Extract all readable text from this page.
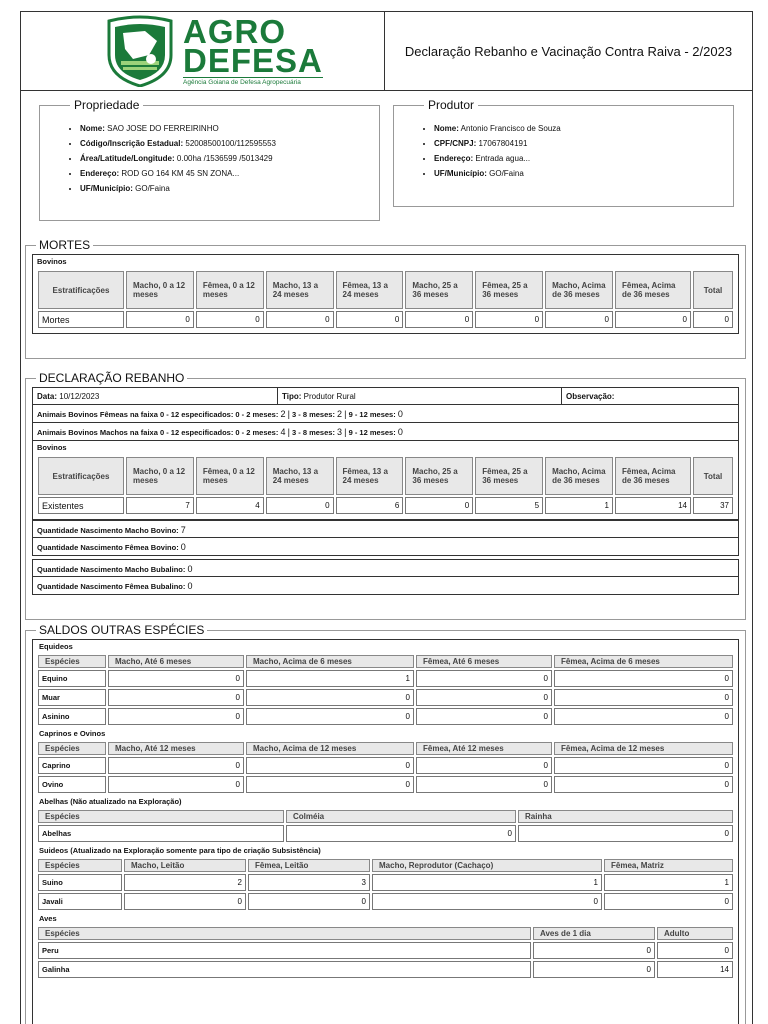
AGRO
DEFESA
Agência Goiana de Defesa Agropecuária
Declaração Rebanho e Vacinação Contra Raiva - 2/2023
Propriedade
• Nome: SAO JOSE DO FERREIRINHO
• Código/Inscrição Estadual: 52008500100/112595553
• Área/Latitude/Longitude: 0.00ha /1536599 /5013429
• Endereço: ROD GO 164 KM 45 SN ZONA...
• UF/Município: GO/Faina
Produtor
• Nome: Antonio Francisco de Souza
• CPF/CNPJ: 17067804191
• Endereço: Entrada agua...
• UF/Município: GO/Faina
MORTES
Bovinos
Estratificações	Macho, 0 a 12 meses	Fêmea, 0 a 12 meses	Macho, 13 a 24 meses	Fêmea, 13 a 24 meses	Macho, 25 a 36 meses	Fêmea, 25 a 36 meses	Macho, Acima de 36 meses	Fêmea, Acima de 36 meses	Total
Mortes	0	0	0	0	0	0	0	0	0
DECLARAÇÃO REBANHO
Data: 10/12/2023	Tipo: Produtor Rural	Observação:
Animais Bovinos Fêmeas na faixa 0 - 12 especificados: 0 - 2 meses: 2 | 3 - 8 meses: 2 | 9 - 12 meses: 0
Animais Bovinos Machos na faixa 0 - 12 especificados: 0 - 2 meses: 4 | 3 - 8 meses: 3 | 9 - 12 meses: 0
Bovinos
Estratificações	Macho, 0 a 12 meses	Fêmea, 0 a 12 meses	Macho, 13 a 24 meses	Fêmea, 13 a 24 meses	Macho, 25 a 36 meses	Fêmea, 25 a 36 meses	Macho, Acima de 36 meses	Fêmea, Acima de 36 meses	Total
Existentes	7	4	0	6	0	5	1	14	37
Quantidade Nascimento Macho Bovino: 7
Quantidade Nascimento Fêmea Bovino: 0
Quantidade Nascimento Macho Bubalino: 0
Quantidade Nascimento Fêmea Bubalino: 0
SALDOS OUTRAS ESPÉCIES
Equideos
Espécies	Macho, Até 6 meses	Macho, Acima de 6 meses	Fêmea, Até 6 meses	Fêmea, Acima de 6 meses
Equino	0	1	0	0
Muar	0	0	0	0
Asinino	0	0	0	0
Caprinos e Ovinos
Espécies	Macho, Até 12 meses	Macho, Acima de 12 meses	Fêmea, Até 12 meses	Fêmea, Acima de 12 meses
Caprino	0	0	0	0
Ovino	0	0	0	0
Abelhas (Não atualizado na Exploração)
Espécies	Colméia	Rainha
Abelhas	0	0
Suideos (Atualizado na Exploração somente para tipo de criação Subsistência)
Espécies	Macho, Leitão	Fêmea, Leitão	Macho, Reprodutor (Cachaço)	Fêmea, Matriz
Suino	2	3	1	1
Javali	0	0	0	0
Aves
Espécies	Aves de 1 dia	Adulto
Peru	0	0
Galinha	0	14
